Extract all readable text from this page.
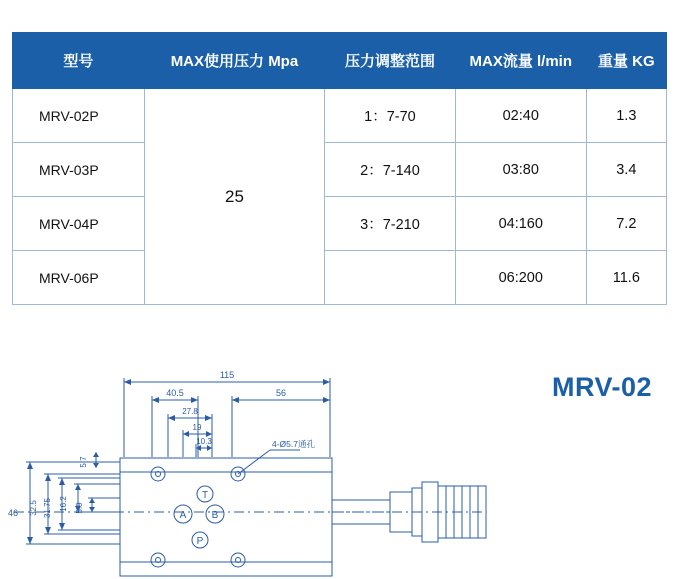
型号	MAX使用压力 Mpa	压力调整范围	MAX流量 l/min	重量 KG
MRV-02P	25	1：7-70	02:40	1.3
MRV-03P		2：7-140	03:80	3.4
MRV-04P		3：7-210	04:160	7.2
MRV-06P			06:200	11.6
MRV-02
115
40.5	56
27.8
19
10.3
46 32.5 31.75 16.2 5.9
5.7
4-Ø5.7通孔
T
B
A
P
